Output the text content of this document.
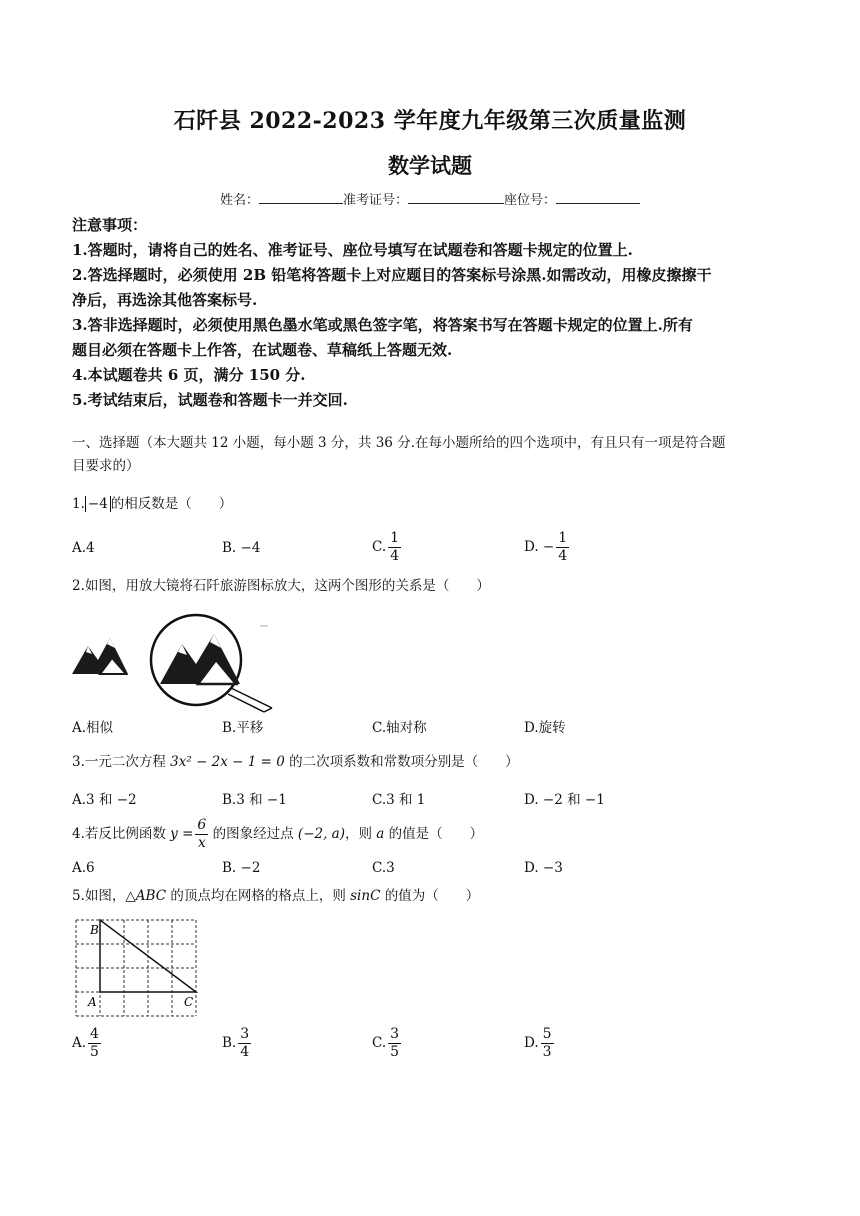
石阡县 2022-2023 学年度九年级第三次质量监测
数学试题
姓名：	准考证号：	座位号：
注意事项：
1.答题时，请将自己的姓名、准考证号、座位号填写在试题卷和答题卡规定的位置上.
2.答选择题时，必须使用 2B 铅笔将答题卡上对应题目的答案标号涂黑.如需改动，用橡皮擦擦干
净后，再选涂其他答案标号.
3.答非选择题时，必须使用黑色墨水笔或黑色签字笔，将答案书写在答题卡规定的位置上.所有
题目必须在答题卡上作答，在试题卷、草稿纸上答题无效.
4.本试题卷共 6 页，满分 150 分.
5.考试结束后，试题卷和答题卡一并交回.
一、选择题（本大题共 12 小题，每小题 3 分，共 36 分.在每小题所给的四个选项中，有且只有一项是符合题
目要求的）
1. −4 的相反数是（　　）
A.4	B. −4	C. $\frac{1}{4}$	D. − $\frac{1}{4}$
2.如图，用放大镜将石阡旅游图标放大，这两个图形的关系是（　　）
A.相似	B.平移	C.轴对称	D.旋转
3.一元二次方程 3x² − 2x − 1 = 0 的二次项系数和常数项分别是（　　）
A.3 和 −2	B.3 和 −1	C.3 和 1	D. −2 和 −1
4.若反比例函数 $y = \frac{6}{x}$ 的图象经过点 (−2, a)，则 a 的值是（　　）
A.6	B. −2	C.3	D. −3
5.如图，△ABC 的顶点均在网格的格点上，则 sinC 的值为（　　）
B
A	C
A. $\frac{4}{5}$	B. $\frac{3}{4}$	C. $\frac{3}{5}$	D. $\frac{5}{3}$
